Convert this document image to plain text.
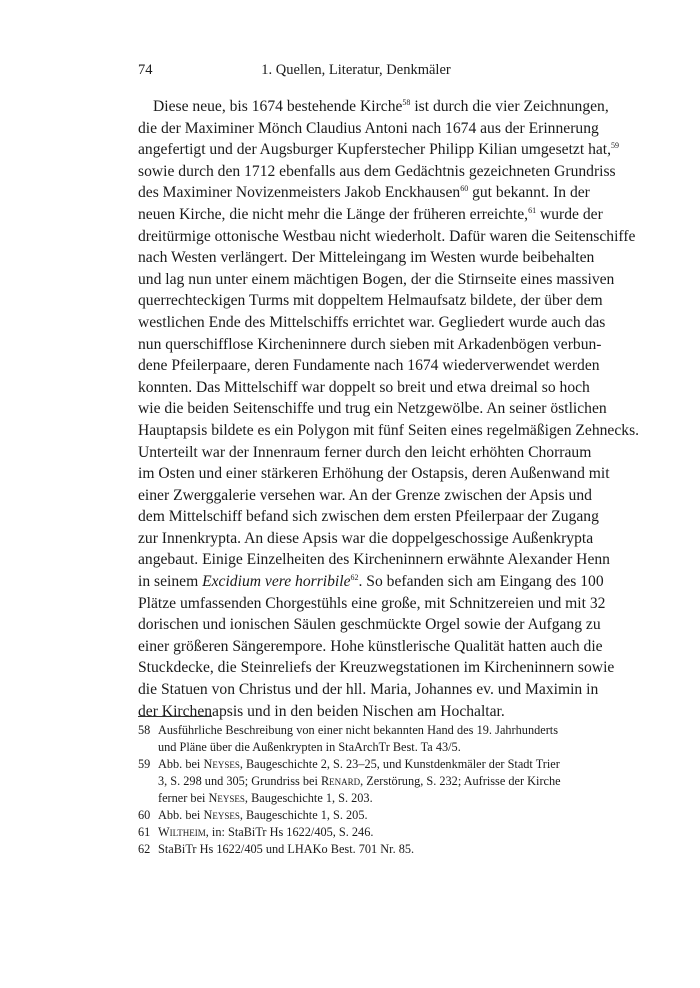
74	1. Quellen, Literatur, Denkmäler
Diese neue, bis 1674 bestehende Kirche$^{58}$ ist durch die vier Zeichnungen,
die der Maximiner Mönch Claudius Antoni nach 1674 aus der Erinnerung
angefertigt und der Augsburger Kupferstecher Philipp Kilian umgesetzt hat,$^{59}$
sowie durch den 1712 ebenfalls aus dem Gedächtnis gezeichneten Grundriss
des Maximiner Novizenmeisters Jakob Enckhausen$^{60}$ gut bekannt. In der
neuen Kirche, die nicht mehr die Länge der früheren erreichte,$^{61}$ wurde der
dreitürmige ottonische Westbau nicht wiederholt. Dafür waren die Seitenschiffe
nach Westen verlängert. Der Mitteleingang im Westen wurde beibehalten
und lag nun unter einem mächtigen Bogen, der die Stirnseite eines massiven
querrechteckigen Turms mit doppeltem Helmaufsatz bildete, der über dem
westlichen Ende des Mittelschiffs errichtet war. Gegliedert wurde auch das
nun querschifflose Kircheninnere durch sieben mit Arkadenbögen verbun-
dene Pfeilerpaare, deren Fundamente nach 1674 wiederverwendet werden
konnten. Das Mittelschiff war doppelt so breit und etwa dreimal so hoch
wie die beiden Seitenschiffe und trug ein Netzgewölbe. An seiner östlichen
Hauptapsis bildete es ein Polygon mit fünf Seiten eines regelmäßigen Zehnecks.
Unterteilt war der Innenraum ferner durch den leicht erhöhten Chorraum
im Osten und einer stärkeren Erhöhung der Ostapsis, deren Außenwand mit
einer Zwerggalerie versehen war. An der Grenze zwischen der Apsis und
dem Mittelschiff befand sich zwischen dem ersten Pfeilerpaar der Zugang
zur Innenkrypta. An diese Apsis war die doppelgeschossige Außenkrypta
angebaut. Einige Einzelheiten des Kircheninnern erwähnte Alexander Henn
in seinem Excidium vere horribile$^{62}$. So befanden sich am Eingang des 100
Plätze umfassenden Chorgestühls eine große, mit Schnitzereien und mit 32
dorischen und ionischen Säulen geschmückte Orgel sowie der Aufgang zu
einer größeren Sängerempore. Hohe künstlerische Qualität hatten auch die
Stuckdecke, die Steinreliefs der Kreuzwegstationen im Kircheninnern sowie
die Statuen von Christus und der hll. Maria, Johannes ev. und Maximin in
der Kirchenapsis und in den beiden Nischen am Hochaltar.
58 Ausführliche Beschreibung von einer nicht bekannten Hand des 19. Jahrhunderts
und Pläne über die Außenkrypten in StaArchTr Best. Ta 43/5.
59 Abb. bei Neyses, Baugeschichte 2, S. 23–25, und Kunstdenkmäler der Stadt Trier
3, S. 298 und 305; Grundriss bei Renard, Zerstörung, S. 232; Aufrisse der Kirche
ferner bei Neyses, Baugeschichte 1, S. 203.
60 Abb. bei Neyses, Baugeschichte 1, S. 205.
61 Wiltheim, in: StaBiTr Hs 1622/405, S. 246.
62 StaBiTr Hs 1622/405 und LHAKo Best. 701 Nr. 85.
